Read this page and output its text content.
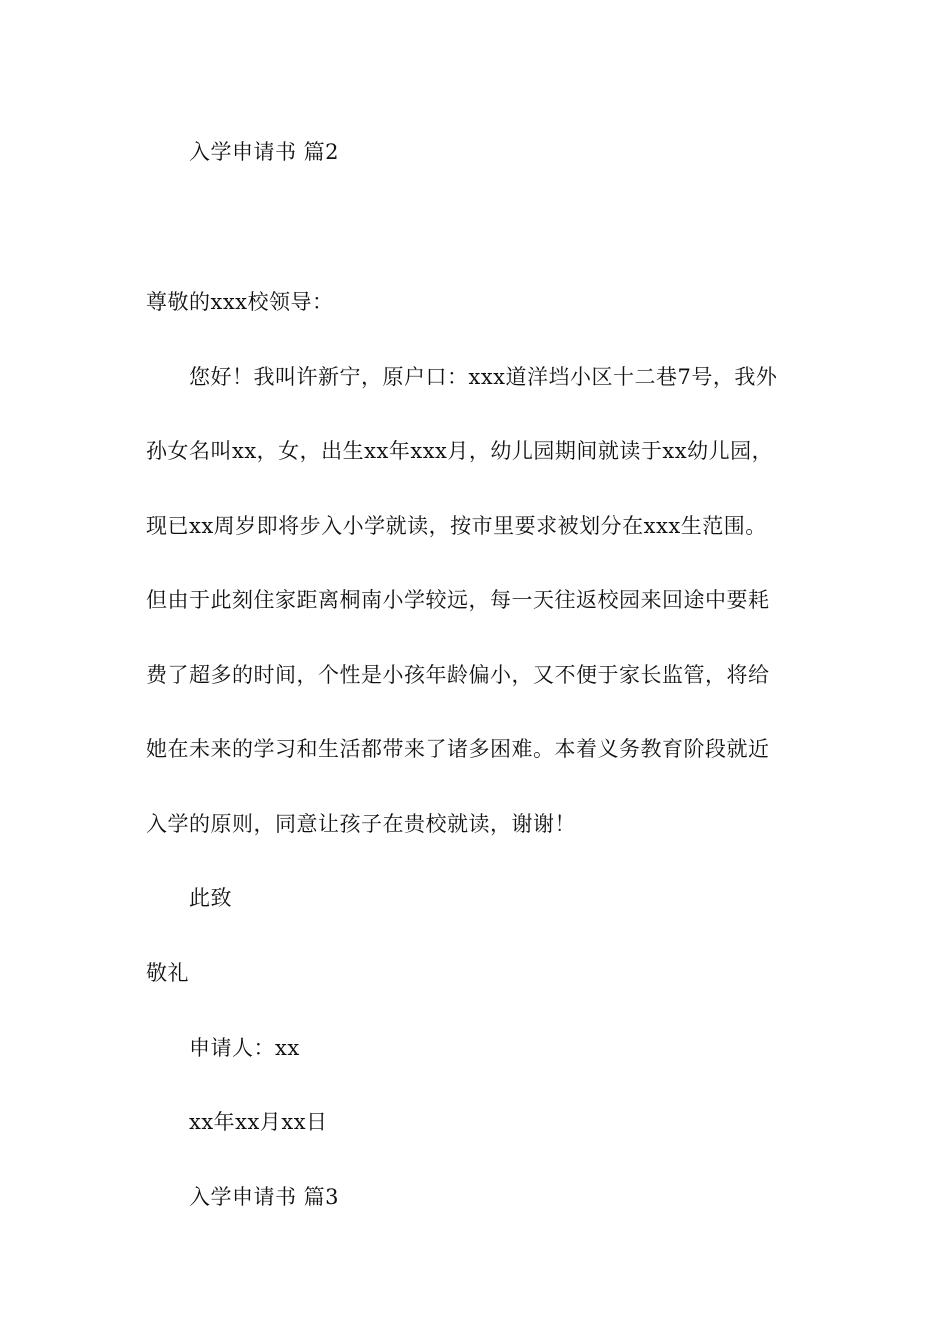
入学申请书 篇2
尊敬的xxx校领导：
您好！我叫许新宁，原户口：xxx道洋垱小区十二巷7号，我外
孙女名叫xx，女，出生xx年xxx月，幼儿园期间就读于xx幼儿园，
现已xx周岁即将步入小学就读，按市里要求被划分在xxx生范围。
但由于此刻住家距离桐南小学较远，每一天往返校园来回途中要耗
费了超多的时间，个性是小孩年龄偏小，又不便于家长监管，将给
她在未来的学习和生活都带来了诸多困难。本着义务教育阶段就近
入学的原则，同意让孩子在贵校就读，谢谢！
此致
敬礼
申请人：xx
xx年xx月xx日
入学申请书 篇3
